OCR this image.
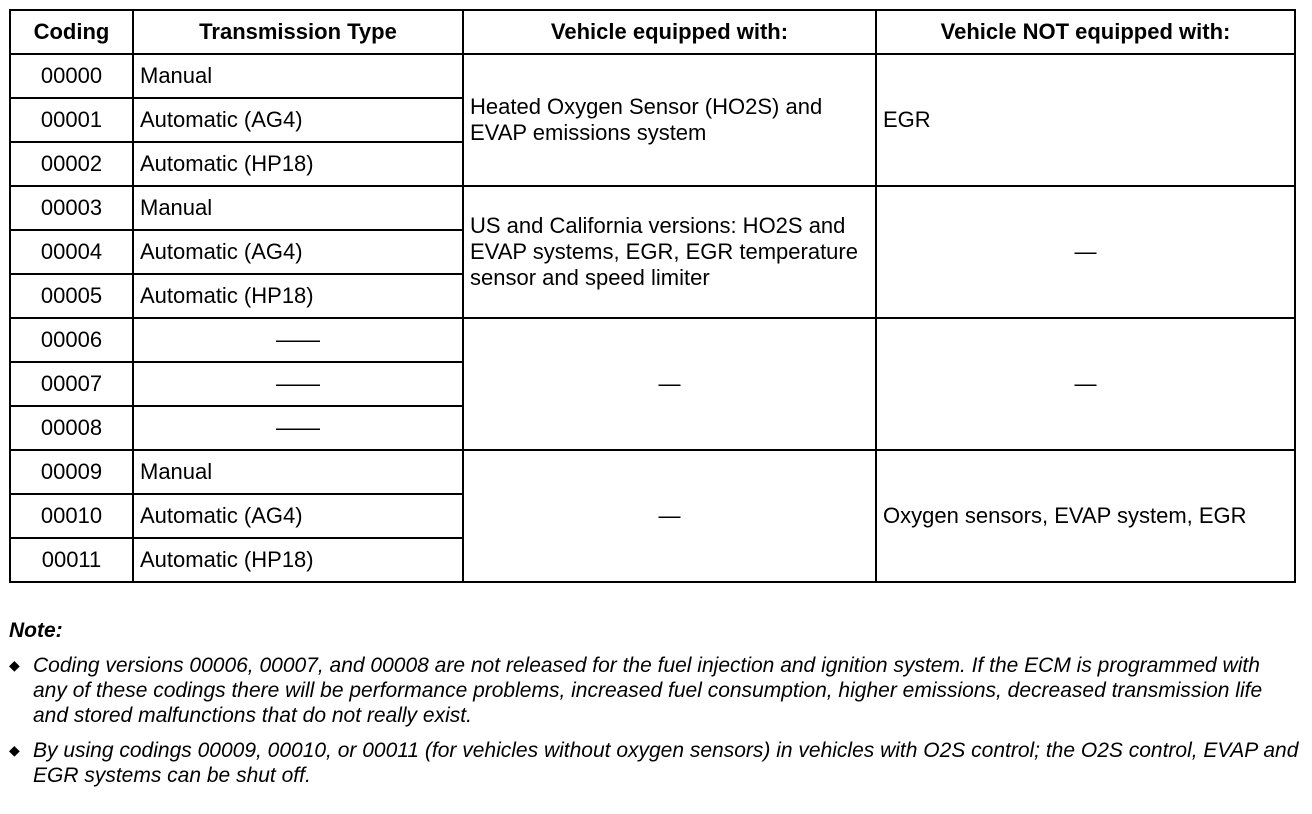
Coding	Transmission Type	Vehicle equipped with:	Vehicle NOT equipped with:
00000	Manual	Heated Oxygen Sensor (HO2S) and EVAP emissions system	EGR
00001	Automatic (AG4)		
00002	Automatic (HP18)		
00003	Manual	US and California versions: HO2S and EVAP systems, EGR, EGR temperature sensor and speed limiter	—
00004	Automatic (AG4)		
00005	Automatic (HP18)		
00006	——	—	—
00007	——		
00008	——		
00009	Manual	—	Oxygen sensors, EVAP system, EGR
00010	Automatic (AG4)		
00011	Automatic (HP18)		
Note:
◆ Coding versions 00006, 00007, and 00008 are not released for the fuel injection and ignition system. If the ECM is programmed with any of these codings there will be performance problems, increased fuel consumption, higher emissions, decreased transmission life and stored malfunctions that do not really exist.
◆ By using codings 00009, 00010, or 00011 (for vehicles without oxygen sensors) in vehicles with O2S control; the O2S control, EVAP and EGR systems can be shut off.
